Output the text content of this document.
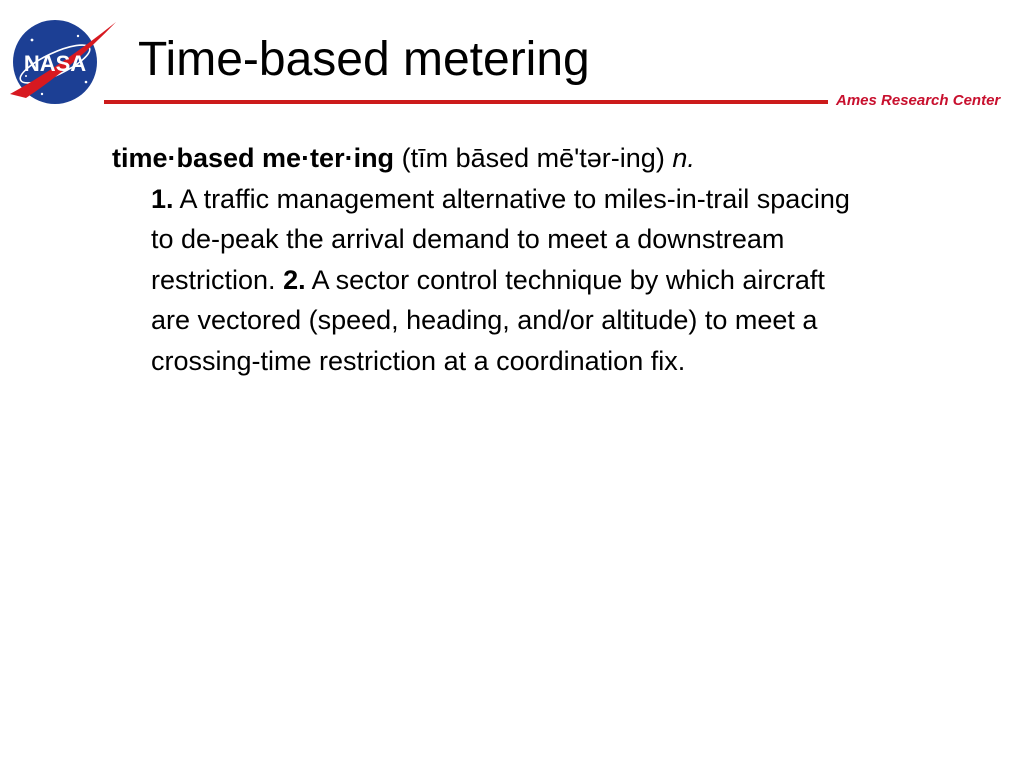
NASA Time-based metering
Ames Research Center
time·based me·ter·ing (tīm bāsed mē'tər-ing) n.
1. A traffic management alternative to miles-in-trail spacing to de-peak the arrival demand to meet a downstream restriction. 2. A sector control technique by which aircraft are vectored (speed, heading, and/or altitude) to meet a crossing-time restriction at a coordination fix.
